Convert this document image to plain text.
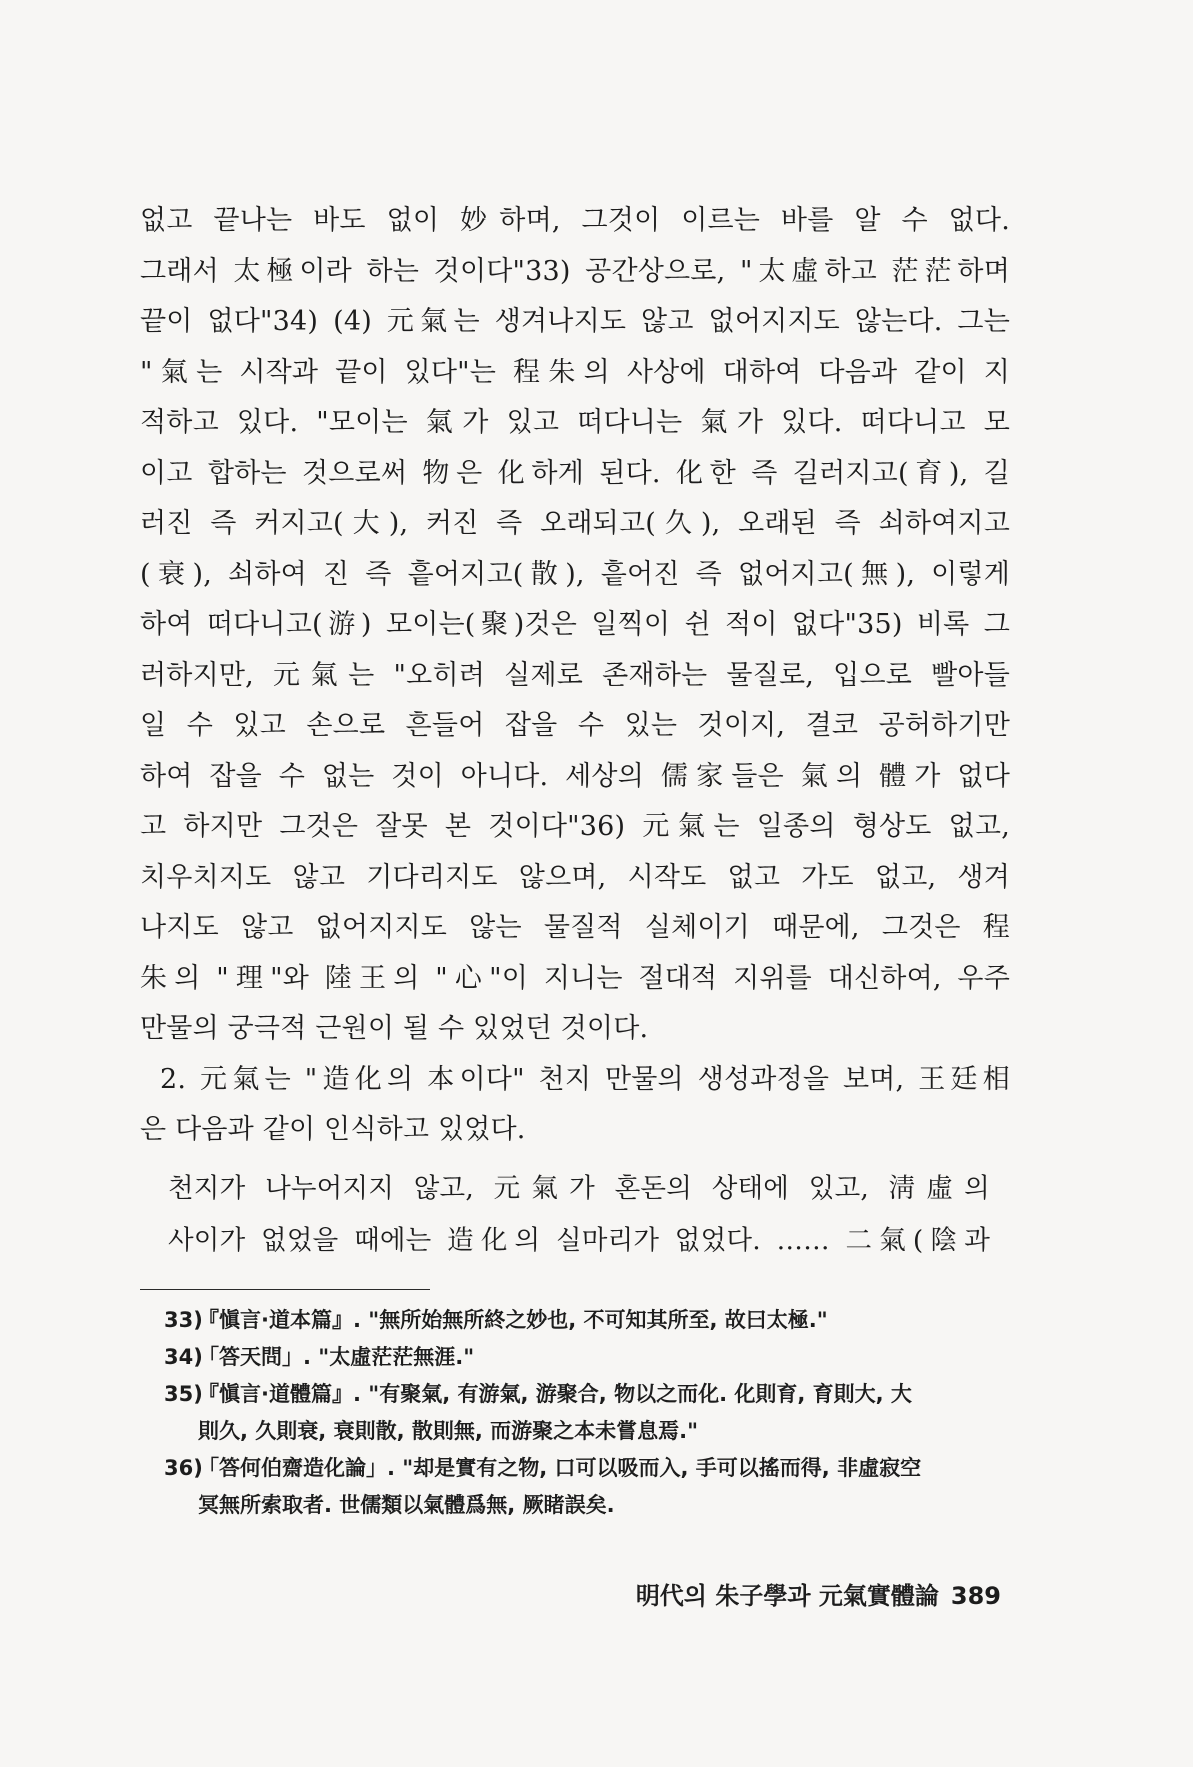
없고 끝나는 바도 없이 妙하며, 그것이 이르는 바를 알 수 없다.
그래서 太極이라 하는 것이다"33) 공간상으로, "太虛하고 茫茫하며
끝이 없다"34) (4) 元氣는 생겨나지도 않고 없어지지도 않는다. 그는
"氣는 시작과 끝이 있다"는 程朱의 사상에 대하여 다음과 같이 지
적하고 있다. "모이는 氣가 있고 떠다니는 氣가 있다. 떠다니고 모
이고 합하는 것으로써 物은 化하게 된다. 化한 즉 길러지고(育), 길
러진 즉 커지고(大), 커진 즉 오래되고(久), 오래된 즉 쇠하여지고
(衰), 쇠하여 진 즉 흩어지고(散), 흩어진 즉 없어지고(無), 이렇게
하여 떠다니고(游) 모이는(聚)것은 일찍이 쉰 적이 없다"35) 비록 그
러하지만, 元氣는 "오히려 실제로 존재하는 물질로, 입으로 빨아들
일 수 있고 손으로 흔들어 잡을 수 있는 것이지, 결코 공허하기만
하여 잡을 수 없는 것이 아니다. 세상의 儒家들은 氣의 體가 없다
고 하지만 그것은 잘못 본 것이다"36) 元氣는 일종의 형상도 없고,
치우치지도 않고 기다리지도 않으며, 시작도 없고 가도 없고, 생겨
나지도 않고 없어지지도 않는 물질적 실체이기 때문에, 그것은 程
朱의 "理"와 陸王의 "心"이 지니는 절대적 지위를 대신하여, 우주
만물의 궁극적 근원이 될 수 있었던 것이다.
2. 元氣는 "造化의 本이다" 천지 만물의 생성과정을 보며, 王廷相
은 다음과 같이 인식하고 있었다.
천지가 나누어지지 않고, 元氣가 혼돈의 상태에 있고, 淸虛의
사이가 없었을 때에는 造化의 실마리가 없었다. …… 二氣(陰과
33)『愼言·道本篇』. "無所始無所終之妙也, 不可知其所至, 故曰太極."
34)「答天問」. "太虛茫茫無涯."
35)『愼言·道體篇』. "有聚氣, 有游氣, 游聚合, 物以之而化. 化則育, 育則大, 大
則久, 久則衰, 衰則散, 散則無, 而游聚之本未嘗息焉."
36)「答何伯齋造化論」. "却是實有之物, 口可以吸而入, 手可以搖而得, 非虛寂空
冥無所索取者. 世儒類以氣體爲無, 厥睹誤矣.
明代의 朱子學과 元氣實體論 389
